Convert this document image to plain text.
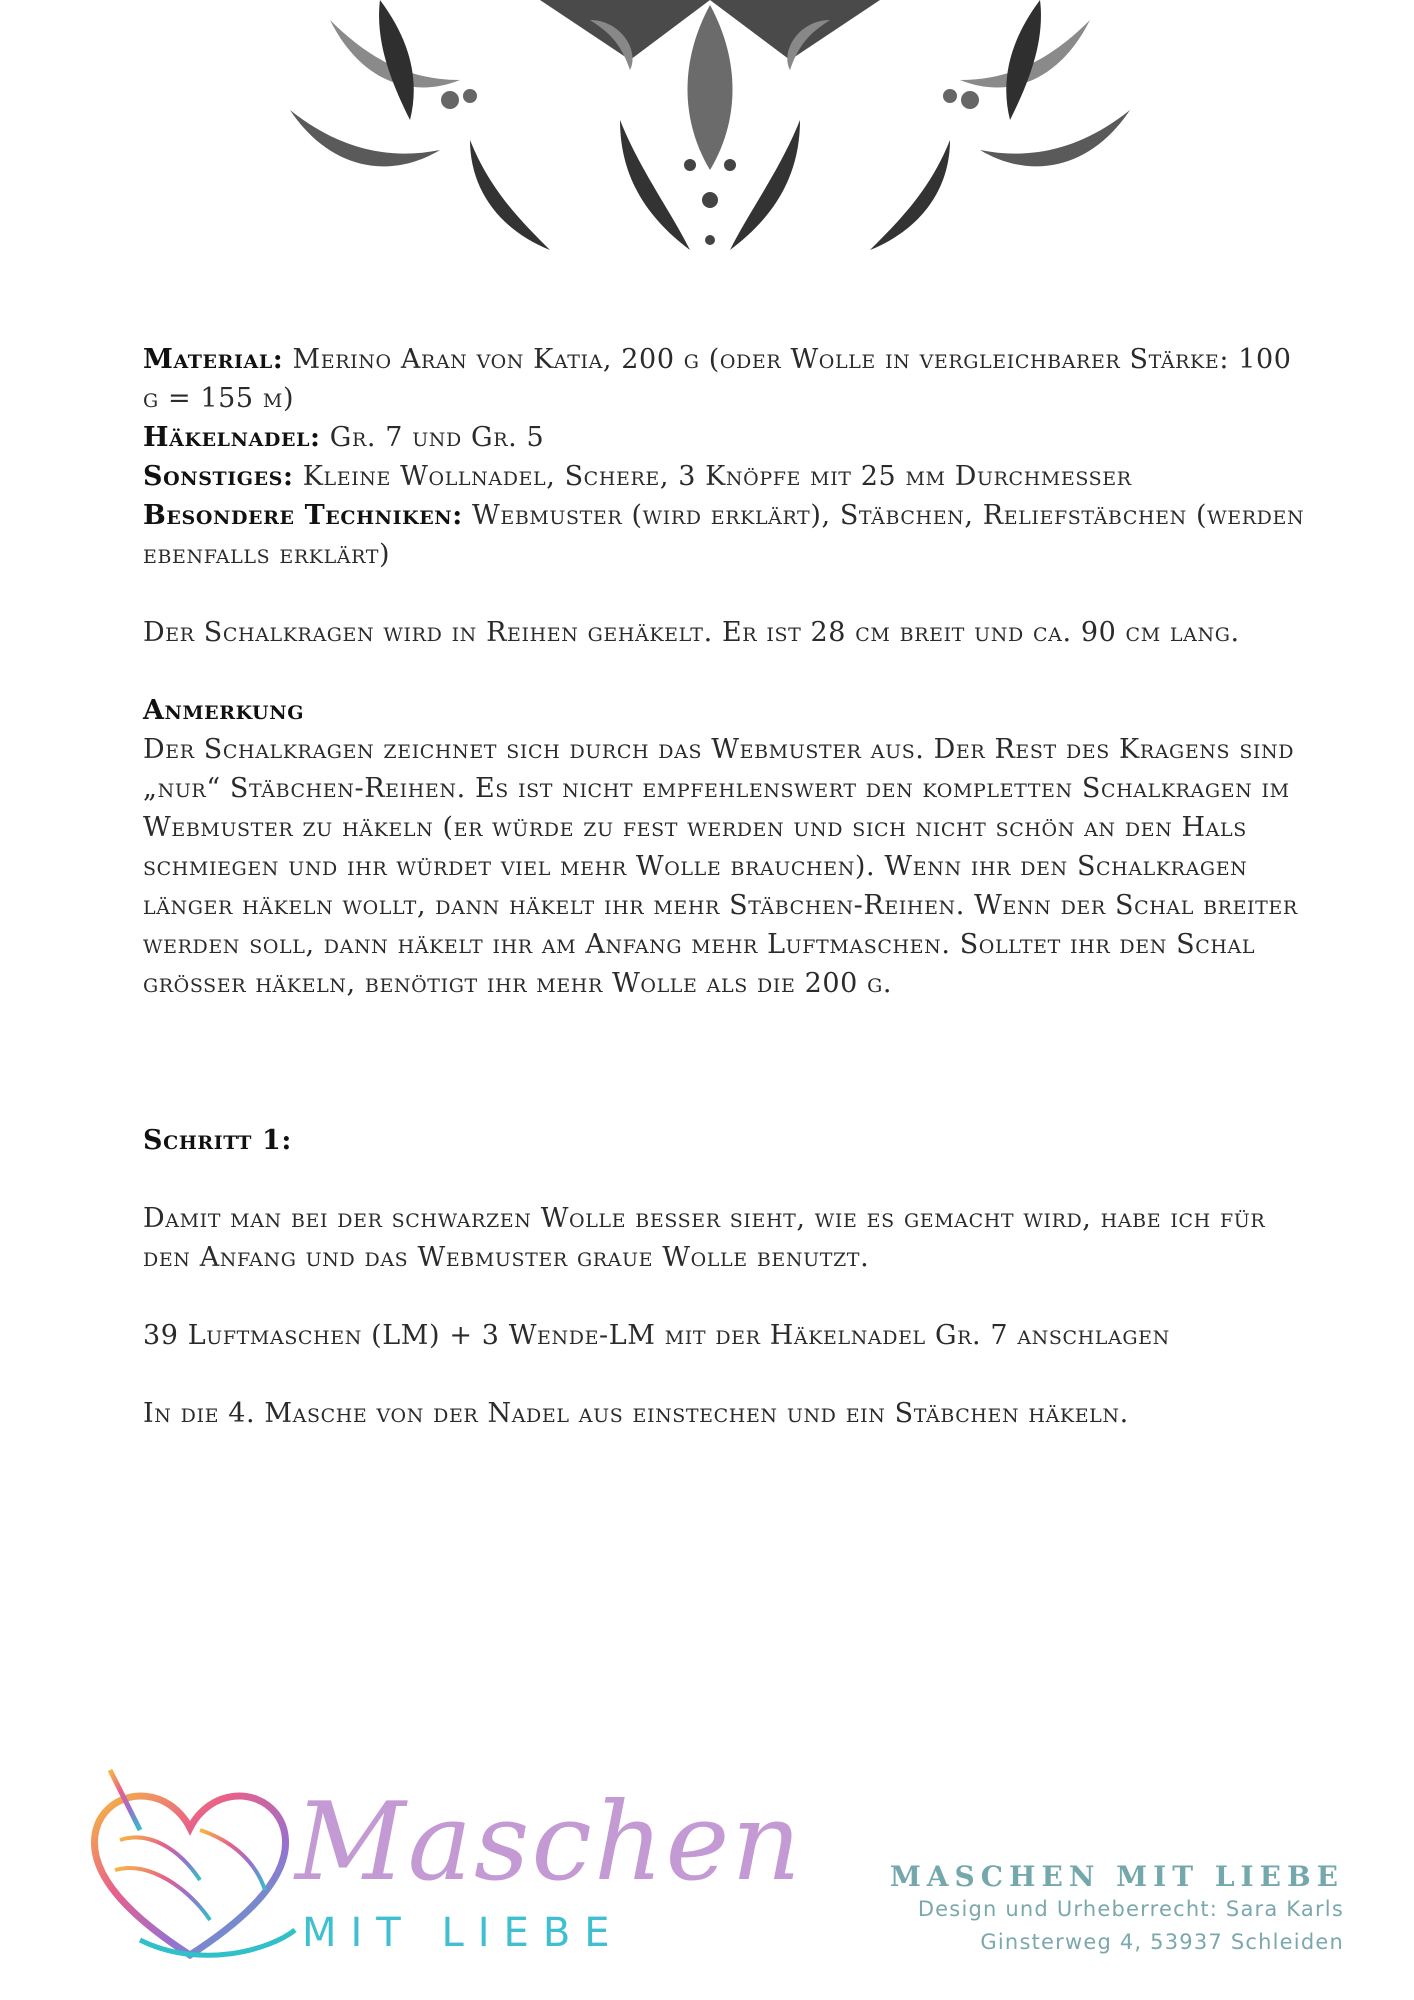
Material: Merino Aran von Katia, 200 g (oder Wolle in vergleichbarer Stärke: 100 g = 155 m)
Häkelnadel: Gr. 7 und Gr. 5
Sonstiges: Kleine Wollnadel, Schere, 3 Knöpfe mit 25 mm Durchmesser
Besondere Techniken: Webmuster (wird erklärt), Stäbchen, Reliefstäbchen (werden ebenfalls erklärt)

Der Schalkragen wird in Reihen gehäkelt. Er ist 28 cm breit und ca. 90 cm lang.

Anmerkung

Der Schalkragen zeichnet sich durch das Webmuster aus. Der Rest des Kragens sind „nur“ Stäbchen-Reihen. Es ist nicht empfehlenswert den kompletten Schalkragen im Webmuster zu häkeln (er würde zu fest werden und sich nicht schön an den Hals schmiegen und ihr würdet viel mehr Wolle brauchen). Wenn ihr den Schalkragen länger häkeln wollt, dann häkelt ihr mehr Stäbchen-Reihen. Wenn der Schal breiter werden soll, dann häkelt ihr am Anfang mehr Luftmaschen. Solltet ihr den Schal grösser häkeln, benötigt ihr mehr Wolle als die 200 g.

Schritt 1:

Damit man bei der schwarzen Wolle besser sieht, wie es gemacht wird, habe ich für den Anfang und das Webmuster graue Wolle benutzt.

39 Luftmaschen (LM) + 3 Wende-LM mit der Häkelnadel Gr. 7 anschlagen

In die 4. Masche von der Nadel aus einstechen und ein Stäbchen häkeln.

Maschen
MIT LIEBE
MASCHEN MIT LIEBE
Design und Urheberrecht: Sara Karls
Ginsterweg 4, 53937 Schleiden
